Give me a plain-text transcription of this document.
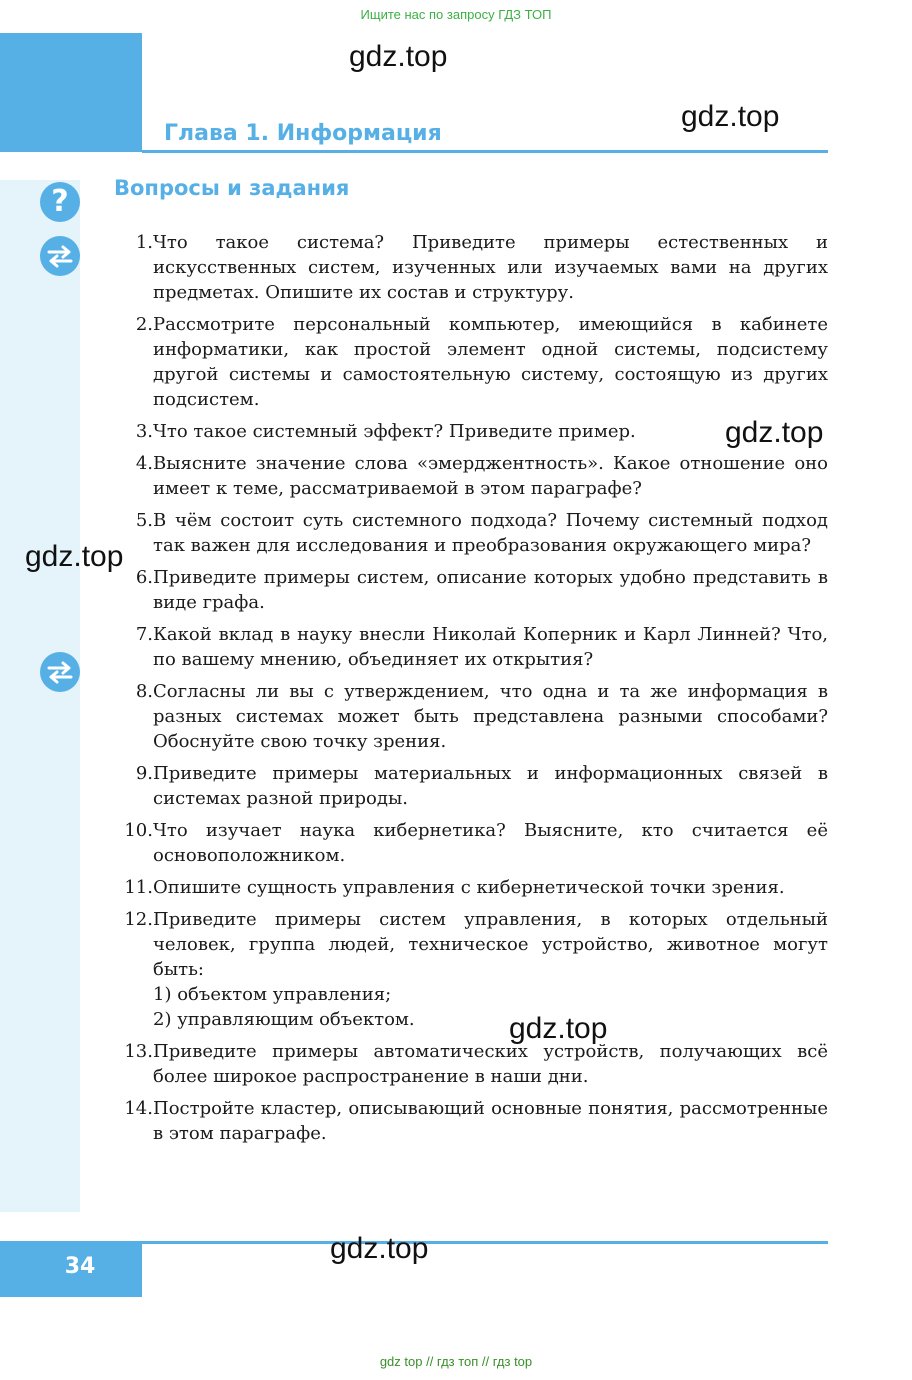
Ищите нас по запросу ГДЗ ТОП
Глава 1. Информация
? Вопросы и задания
1. Что такое система? Приведите примеры естественных и искусственных систем, изученных или изучаемых вами на других предметах. Опишите их состав и структуру.
2. Рассмотрите персональный компьютер, имеющийся в кабинете информатики, как простой элемент одной системы, подсистему другой системы и самостоятельную систему, состоящую из других подсистем.
3. Что такое системный эффект? Приведите пример.
4. Выясните значение слова «эмерджентность». Какое отношение оно имеет к теме, рассматриваемой в этом параграфе?
5. В чём состоит суть системного подхода? Почему системный подход так важен для исследования и преобразования окружающего мира?
6. Приведите примеры систем, описание которых удобно представить в виде графа.
7. Какой вклад в науку внесли Николай Коперник и Карл Линней? Что, по вашему мнению, объединяет их открытия?
8. Согласны ли вы с утверждением, что одна и та же информация в разных системах может быть представлена разными способами? Обоснуйте свою точку зрения.
9. Приведите примеры материальных и информационных связей в системах разной природы.
10. Что изучает наука кибернетика? Выясните, кто считается её основоположником.
11. Опишите сущность управления с кибернетической точки зрения.
12. Приведите примеры систем управления, в которых отдельный человек, группа людей, техническое устройство, животное могут быть:
1) объектом управления;
2) управляющим объектом.
13. Приведите примеры автоматических устройств, получающих всё более широкое распространение в наши дни.
14. Постройте кластер, описывающий основные понятия, рассмотренные в этом параграфе.
34
gdz.top
gdz.top
gdz.top
gdz.top
gdz.top
gdz.top
gdz top // гдз топ // гдз top
